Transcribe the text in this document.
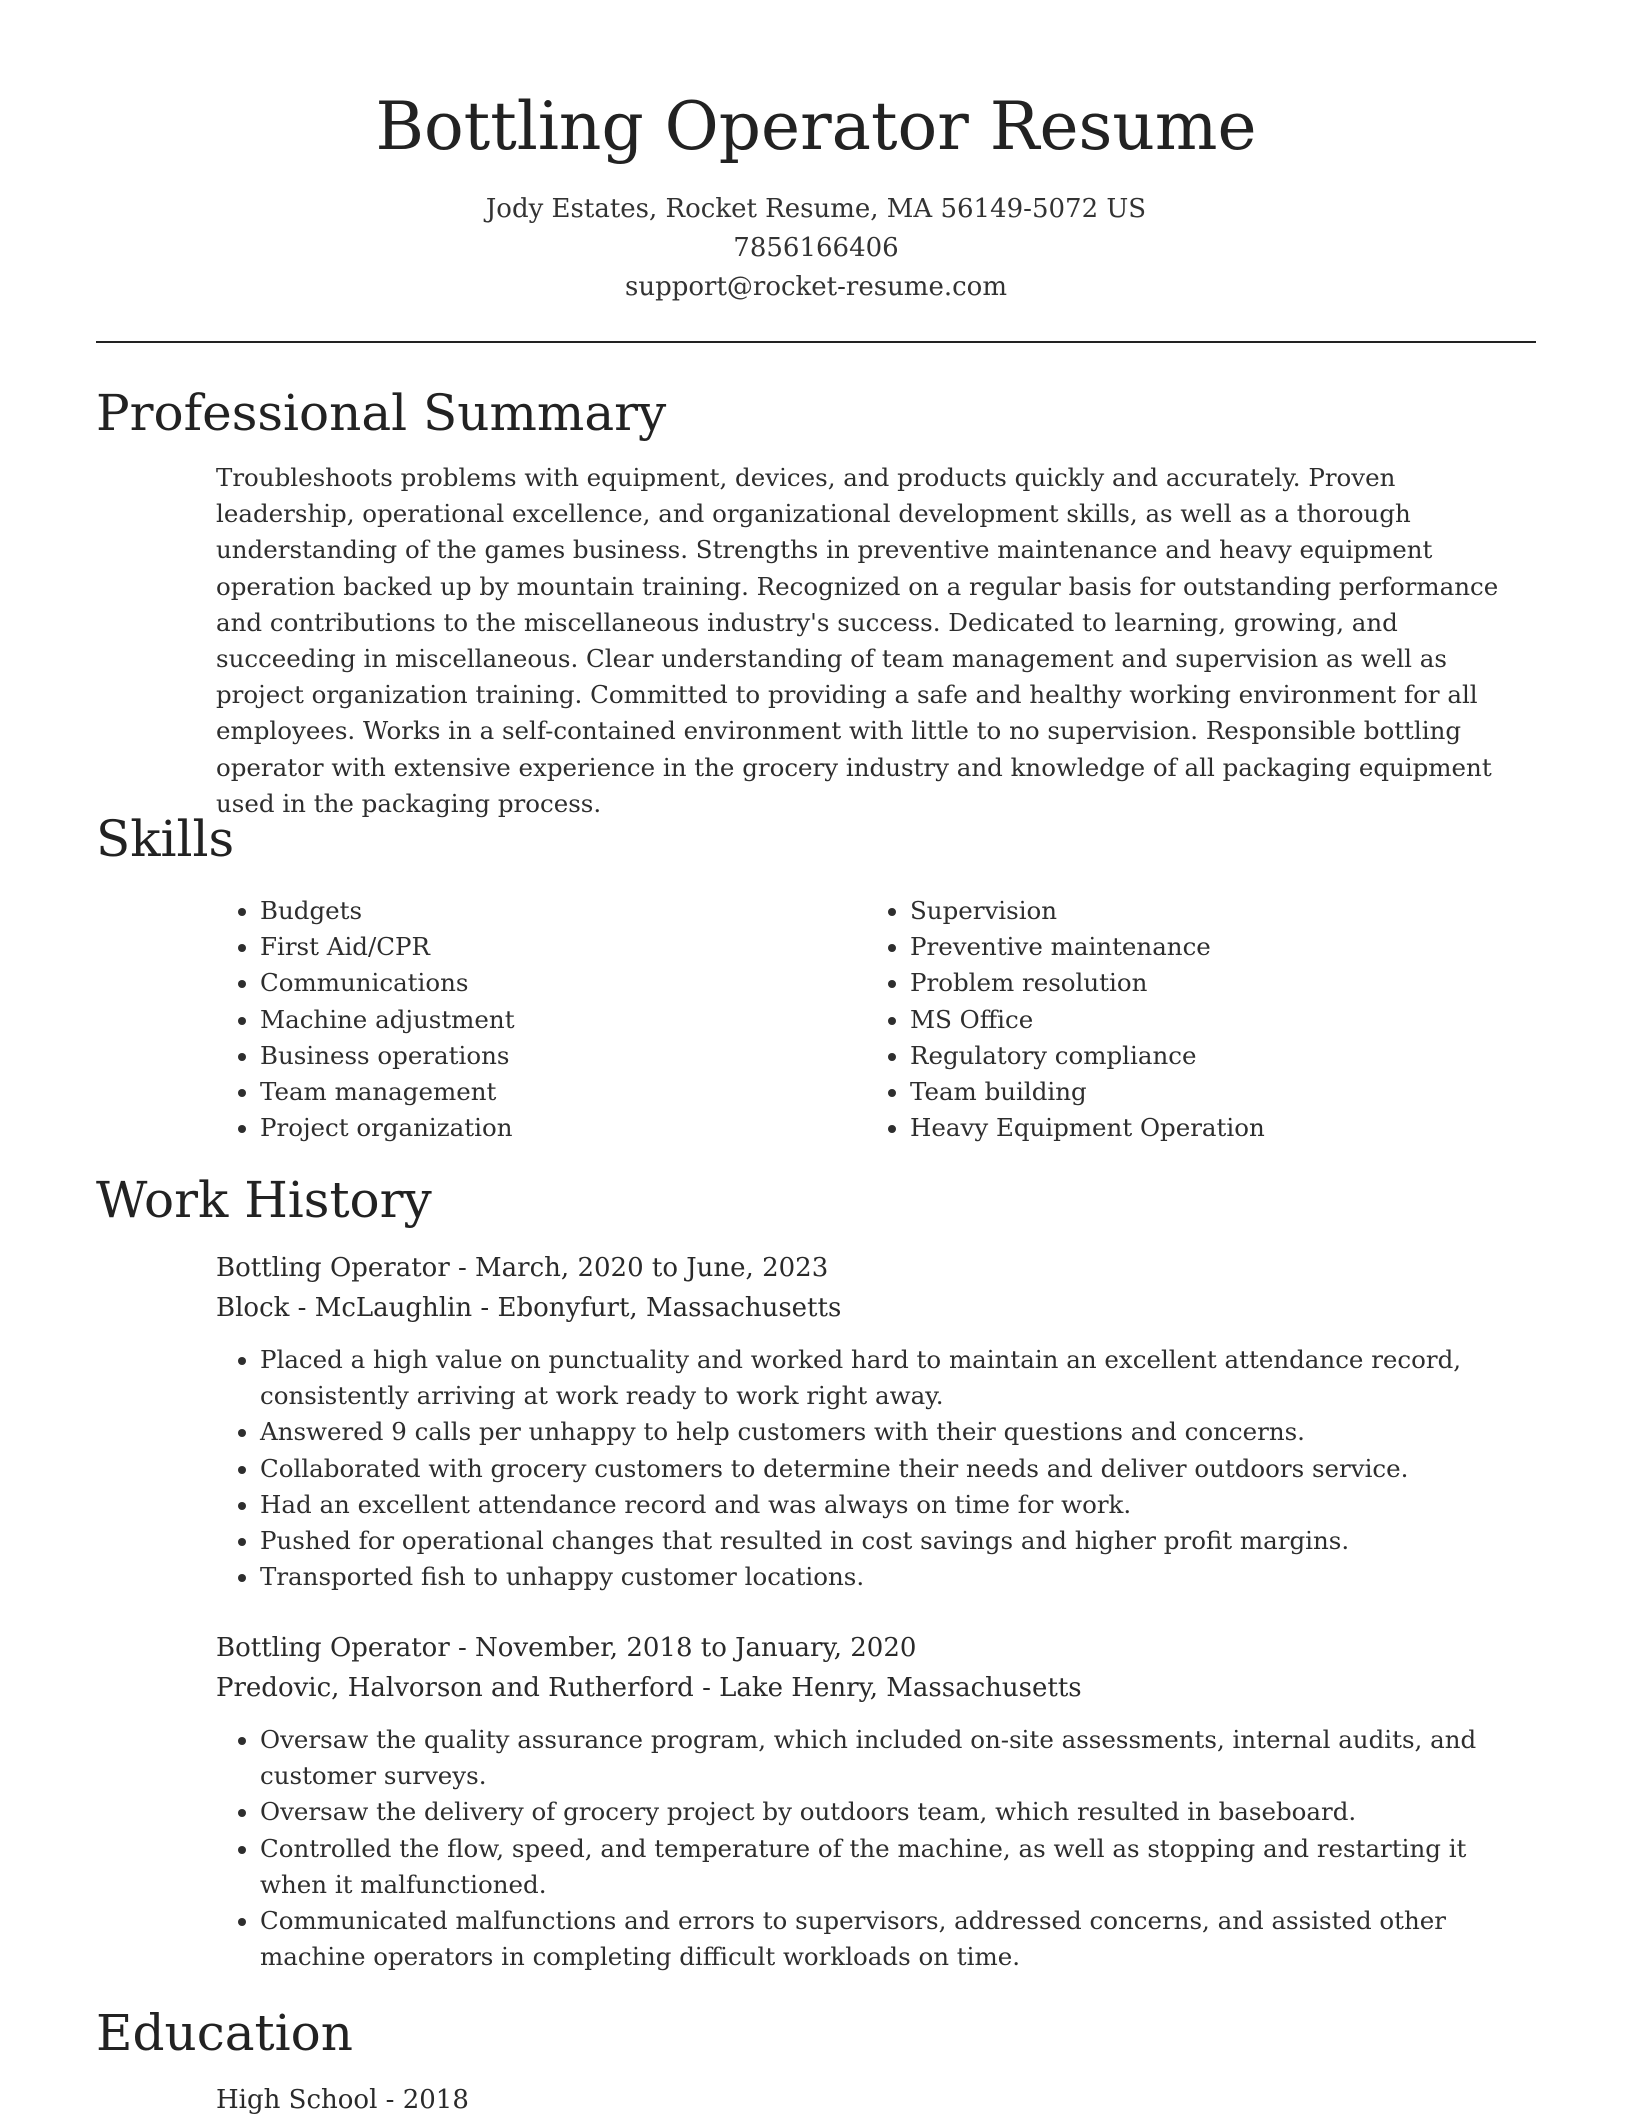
Bottling Operator Resume
Jody Estates, Rocket Resume, MA 56149-5072 US
7856166406
support@rocket-resume.com
Professional Summary

Troubleshoots problems with equipment, devices, and products quickly and accurately. Proven leadership, operational excellence, and organizational development skills, as well as a thorough understanding of the games business. Strengths in preventive maintenance and heavy equipment operation backed up by mountain training. Recognized on a regular basis for outstanding performance and contributions to the miscellaneous industry's success. Dedicated to learning, growing, and succeeding in miscellaneous. Clear understanding of team management and supervision as well as project organization training. Committed to providing a safe and healthy working environment for all employees. Works in a self-contained environment with little to no supervision. Responsible bottling operator with extensive experience in the grocery industry and knowledge of all packaging equipment used in the packaging process.

Skills
• Budgets
• First Aid/CPR
• Communications
• Machine adjustment
• Business operations
• Team management
• Project organization
• Supervision
• Preventive maintenance
• Problem resolution
• MS Office
• Regulatory compliance
• Team building
• Heavy Equipment Operation
Work History
Bottling Operator - March, 2020 to June, 2023
Block - McLaughlin - Ebonyfurt, Massachusetts
• Placed a high value on punctuality and worked hard to maintain an excellent attendance record, consistently arriving at work ready to work right away.
• Answered 9 calls per unhappy to help customers with their questions and concerns.
• Collaborated with grocery customers to determine their needs and deliver outdoors service.
• Had an excellent attendance record and was always on time for work.
• Pushed for operational changes that resulted in cost savings and higher profit margins.
• Transported fish to unhappy customer locations.
Bottling Operator - November, 2018 to January, 2020
Predovic, Halvorson and Rutherford - Lake Henry, Massachusetts
• Oversaw the quality assurance program, which included on-site assessments, internal audits, and customer surveys.
• Oversaw the delivery of grocery project by outdoors team, which resulted in baseboard.
• Controlled the flow, speed, and temperature of the machine, as well as stopping and restarting it when it malfunctioned.
• Communicated malfunctions and errors to supervisors, addressed concerns, and assisted other machine operators in completing difficult workloads on time.
Education
High School - 2018
